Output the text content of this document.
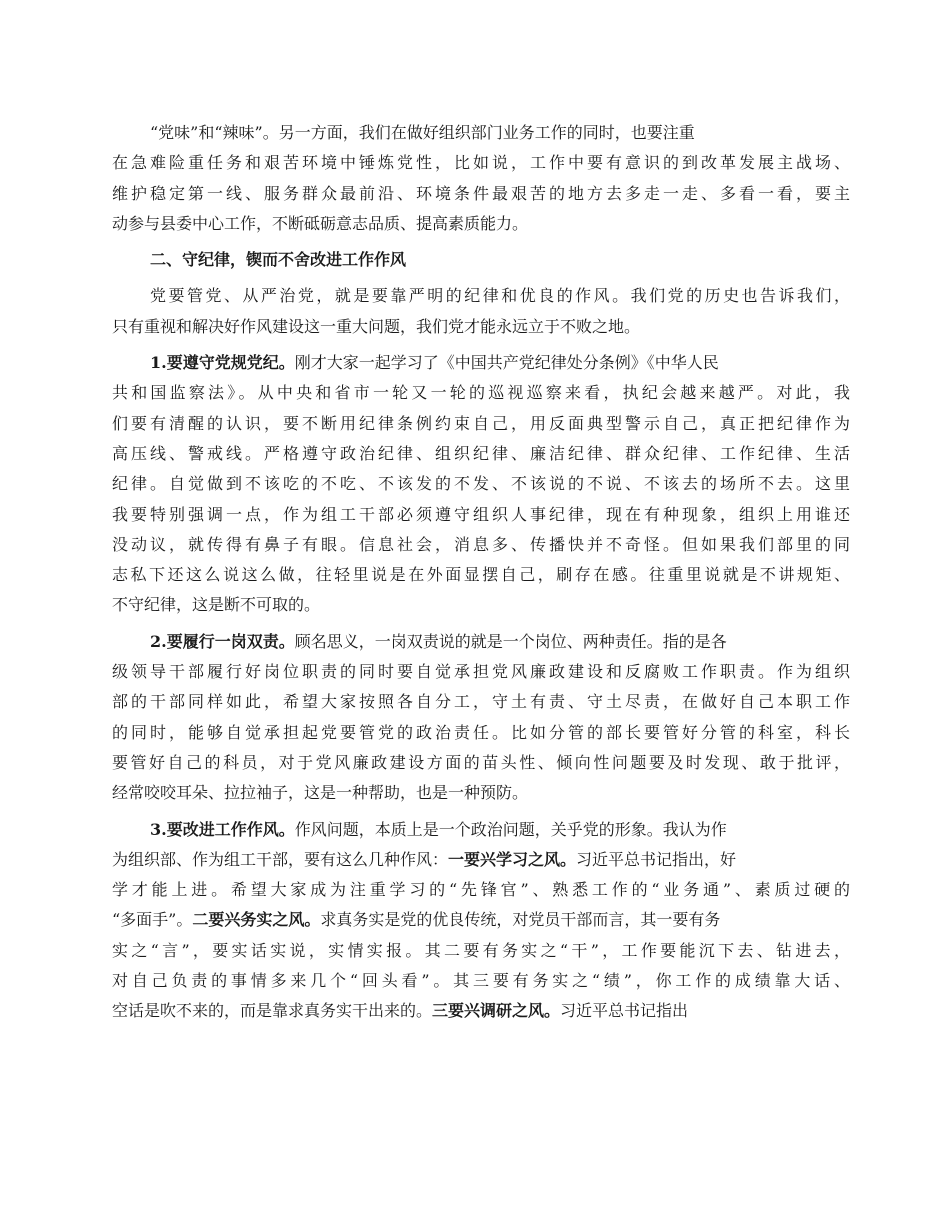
“党味”和“辣味”。另一方面，我们在做好组织部门业务工作的同时，也要注重
在急难险重任务和艰苦环境中锤炼党性，比如说，工作中要有意识的到改革发展主战场、
维护稳定第一线、服务群众最前沿、环境条件最艰苦的地方去多走一走、多看一看，要主
动参与县委中心工作，不断砥砺意志品质、提高素质能力。
二、守纪律，锲而不舍改进工作作风
党要管党、从严治党，就是要靠严明的纪律和优良的作风。我们党的历史也告诉我们，
只有重视和解决好作风建设这一重大问题，我们党才能永远立于不败之地。
1.要遵守党规党纪。刚才大家一起学习了《中国共产党纪律处分条例》《中华人民
共和国监察法》。从中央和省市一轮又一轮的巡视巡察来看，执纪会越来越严。对此，我
们要有清醒的认识，要不断用纪律条例约束自己，用反面典型警示自己，真正把纪律作为
高压线、警戒线。严格遵守政治纪律、组织纪律、廉洁纪律、群众纪律、工作纪律、生活
纪律。自觉做到不该吃的不吃、不该发的不发、不该说的不说、不该去的场所不去。这里
我要特别强调一点，作为组工干部必须遵守组织人事纪律，现在有种现象，组织上用谁还
没动议，就传得有鼻子有眼。信息社会，消息多、传播快并不奇怪。但如果我们部里的同
志私下还这么说这么做，往轻里说是在外面显摆自己，刷存在感。往重里说就是不讲规矩、
不守纪律，这是断不可取的。
2.要履行一岗双责。顾名思义，一岗双责说的就是一个岗位、两种责任。指的是各
级领导干部履行好岗位职责的同时要自觉承担党风廉政建设和反腐败工作职责。作为组织
部的干部同样如此，希望大家按照各自分工，守土有责、守土尽责，在做好自己本职工作
的同时，能够自觉承担起党要管党的政治责任。比如分管的部长要管好分管的科室，科长
要管好自己的科员，对于党风廉政建设方面的苗头性、倾向性问题要及时发现、敢于批评，
经常咬咬耳朵、拉拉袖子，这是一种帮助，也是一种预防。
3.要改进工作作风。作风问题，本质上是一个政治问题，关乎党的形象。我认为作
为组织部、作为组工干部，要有这么几种作风：一要兴学习之风。习近平总书记指出，好
学才能上进。希望大家成为注重学习的“先锋官”、熟悉工作的“业务通”、素质过硬的
“多面手”。二要兴务实之风。求真务实是党的优良传统，对党员干部而言，其一要有务
实之“言”，要实话实说，实情实报。其二要有务实之“干”，工作要能沉下去、钻进去，
对自己负责的事情多来几个“回头看”。其三要有务实之“绩”，你工作的成绩靠大话、
空话是吹不来的，而是靠求真务实干出来的。三要兴调研之风。习近平总书记指出
